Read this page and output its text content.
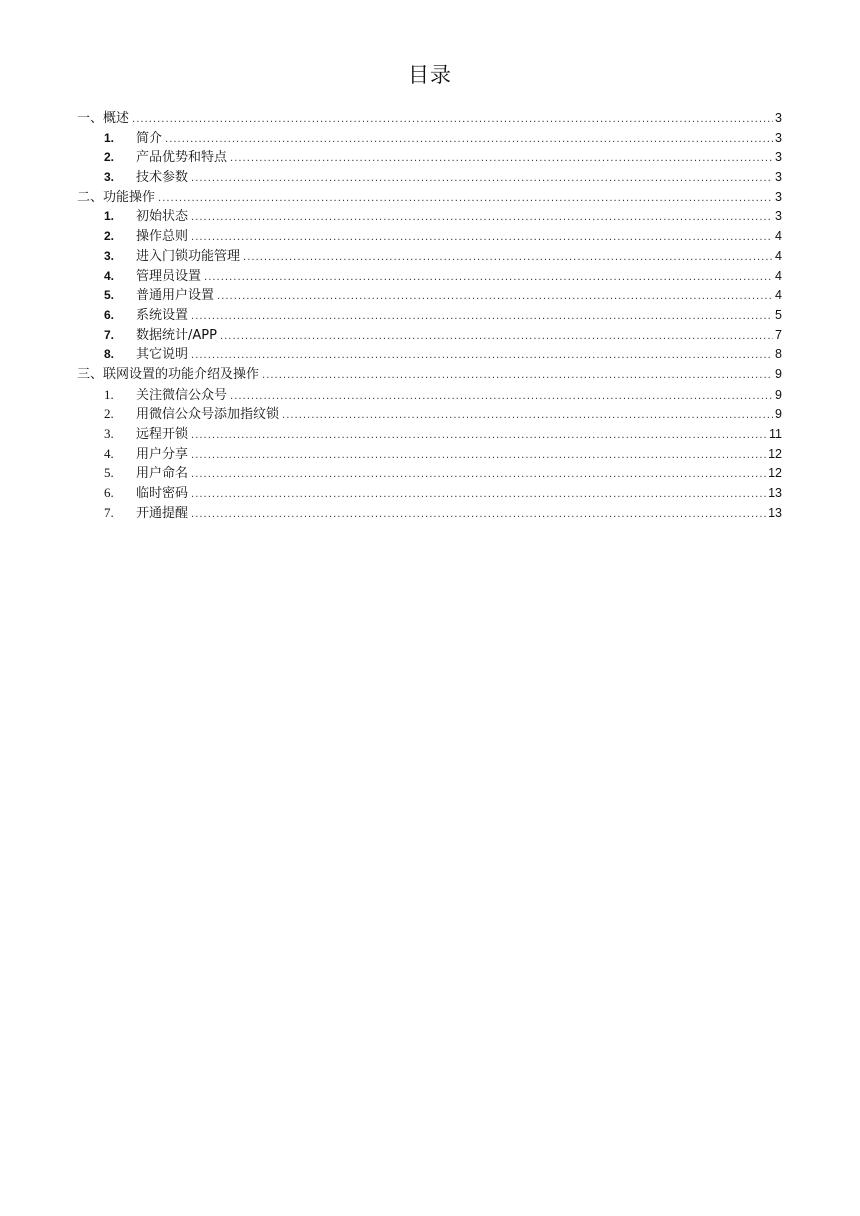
目录
一、概述 .....	3
1.	简介 .....	3
2.	产品优势和特点 .....	3
3.	技术参数 .....	3
二、功能操作 .....	3
1.	初始状态 .....	3
2.	操作总则 .....	4
3.	进入门锁功能管理 .....	4
4.	管理员设置 .....	4
5.	普通用户设置 .....	4
6.	系统设置 .....	5
7.	数据统计/APP .....	7
8.	其它说明 .....	8
三、联网设置的功能介绍及操作 .....	9
1.	关注微信公众号 .....	9
2.	用微信公众号添加指纹锁 .....	9
3.	远程开锁 .....	11
4.	用户分享 .....	12
5.	用户命名 .....	12
6.	临时密码 .....	13
7.	开通提醒 .....	13
